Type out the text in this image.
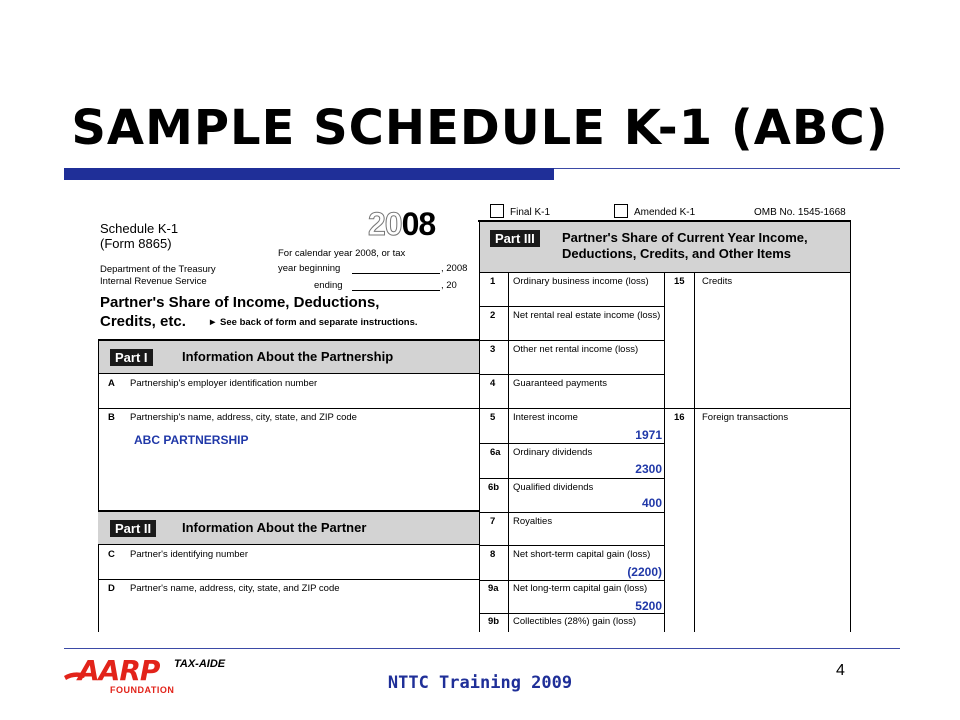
SAMPLE SCHEDULE K-1 (ABC)
Schedule K-1
(Form 8865)
2008
Department of the Treasury
Internal Revenue Service
For calendar year 2008, or tax
year beginning	, 2008
ending	, 20
Partner's Share of Income, Deductions,
Credits, etc. ► See back of form and separate instructions.
Final K-1	Amended K-1	OMB No. 1545-1668
Part III	Partner's Share of Current Year Income,
Deductions, Credits, and Other Items
1 Ordinary business income (loss)
2 Net rental real estate income (loss)
3 Other net rental income (loss)
4 Guaranteed payments
5 Interest income
1971
6a Ordinary dividends
2300
6b Qualified dividends
400
7 Royalties
8 Net short-term capital gain (loss)
(2200)
9a Net long-term capital gain (loss)
5200
9b Collectibles (28%) gain (loss)
15 Credits
16 Foreign transactions
Part I	Information About the Partnership
A Partnership's employer identification number
B Partnership's name, address, city, state, and ZIP code
ABC PARTNERSHIP
Part II	Information About the Partner
C Partner's identifying number
D Partner's name, address, city, state, and ZIP code
AARP TAX-AIDE
FOUNDATION
4
NTTC Training 2009
